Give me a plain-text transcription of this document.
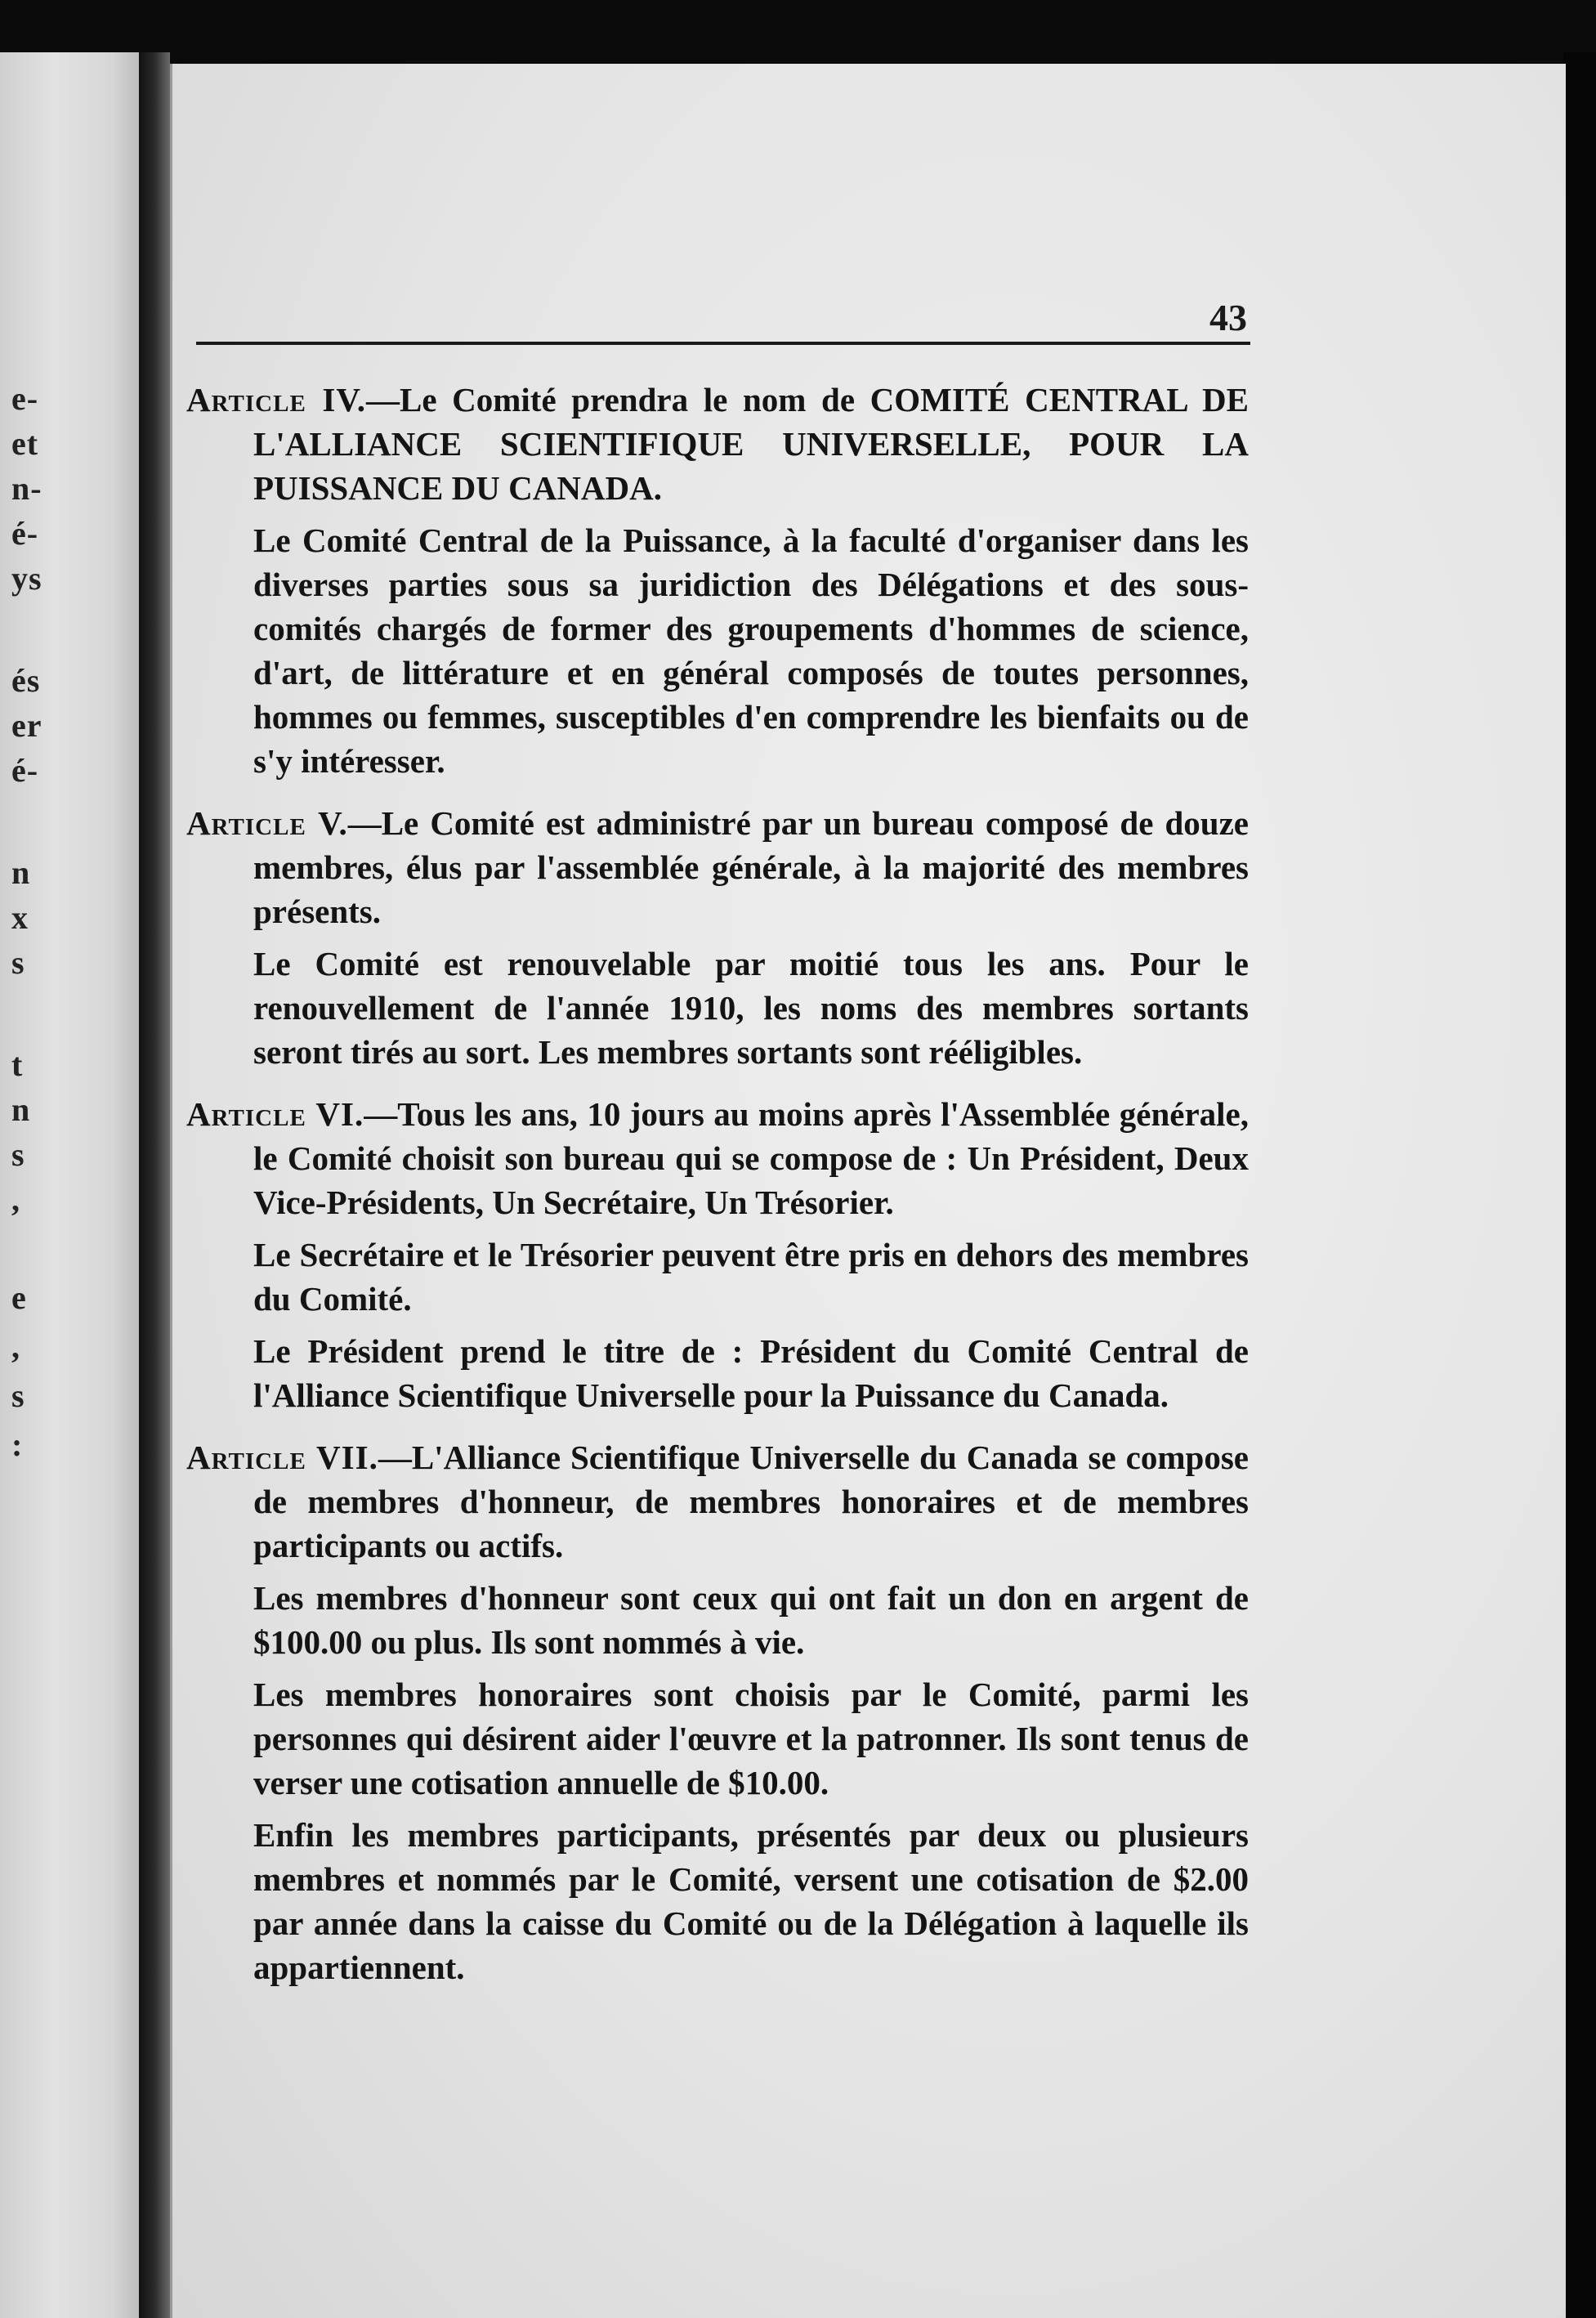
e-
et
n-
é-
ys
és
er
é-
n
x
s
t
n
s
,
e
,
s
:
43

Article IV.—Le Comité prendra le nom de COMITÉ CENTRAL DE L'ALLIANCE SCIENTIFIQUE UNIVERSELLE, POUR LA PUISSANCE DU CANADA.

Le Comité Central de la Puissance, à la faculté d'organiser dans les diverses parties sous sa juridiction des Délégations et des sous-comités chargés de former des groupements d'hommes de science, d'art, de littérature et en général composés de toutes personnes, hommes ou femmes, susceptibles d'en comprendre les bienfaits ou de s'y intéresser.

Article V.—Le Comité est administré par un bureau composé de douze membres, élus par l'assemblée générale, à la majorité des membres présents.

Le Comité est renouvelable par moitié tous les ans. Pour le renouvellement de l'année 1910, les noms des membres sortants seront tirés au sort. Les membres sortants sont rééligibles.

Article VI.—Tous les ans, 10 jours au moins après l'Assemblée générale, le Comité choisit son bureau qui se compose de : Un Président, Deux Vice-Présidents, Un Secrétaire, Un Trésorier.

Le Secrétaire et le Trésorier peuvent être pris en dehors des membres du Comité.

Le Président prend le titre de : Président du Comité Central de l'Alliance Scientifique Universelle pour la Puissance du Canada.

Article VII.—L'Alliance Scientifique Universelle du Canada se compose de membres d'honneur, de membres honoraires et de membres participants ou actifs.

Les membres d'honneur sont ceux qui ont fait un don en argent de $100.00 ou plus. Ils sont nommés à vie.

Les membres honoraires sont choisis par le Comité, parmi les personnes qui désirent aider l'œuvre et la patronner. Ils sont tenus de verser une cotisation annuelle de $10.00.

Enfin les membres participants, présentés par deux ou plusieurs membres et nommés par le Comité, versent une cotisation de $2.00 par année dans la caisse du Comité ou de la Délégation à laquelle ils appartiennent.
